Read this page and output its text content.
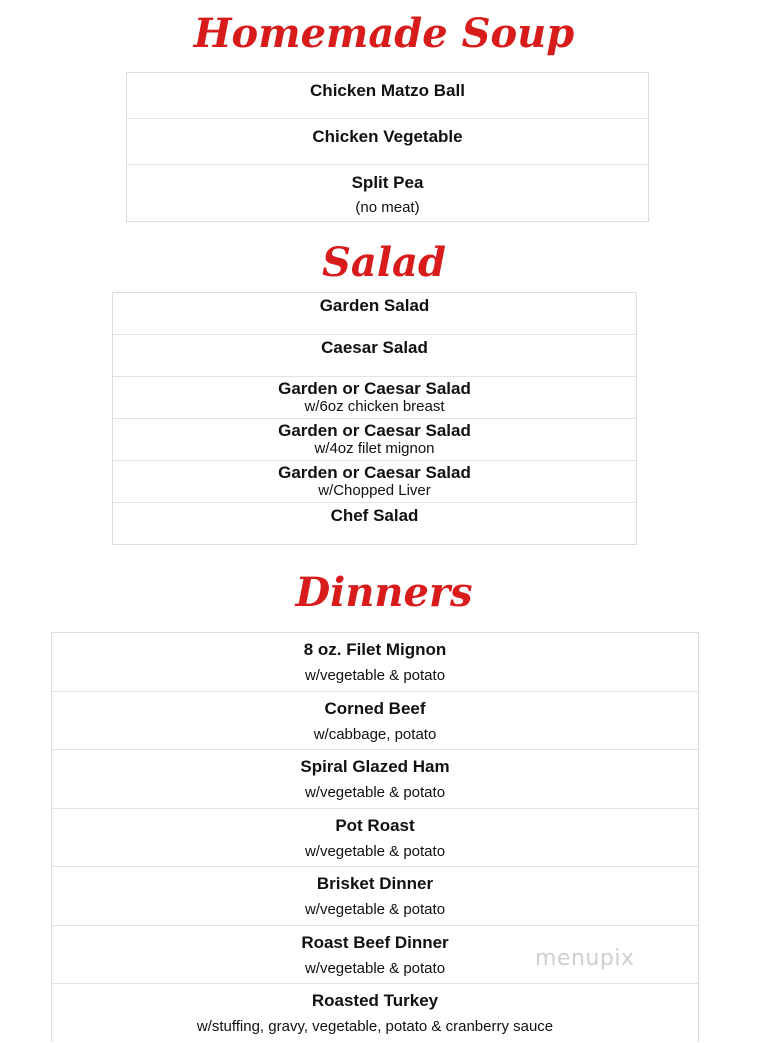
Homemade Soup
Chicken Matzo Ball
Chicken Vegetable
Split Pea
(no meat)
Salad
Garden Salad
Caesar Salad
Garden or Caesar Salad
w/6oz chicken breast
Garden or Caesar Salad
w/4oz filet mignon
Garden or Caesar Salad
w/Chopped Liver
Chef Salad
Dinners
8 oz. Filet Mignon
w/vegetable & potato
Corned Beef
w/cabbage, potato
Spiral Glazed Ham
w/vegetable & potato
Pot Roast
w/vegetable & potato
Brisket Dinner
w/vegetable & potato
Roast Beef Dinner
w/vegetable & potato
Roasted Turkey
w/stuffing, gravy, vegetable, potato & cranberry sauce
menupix
